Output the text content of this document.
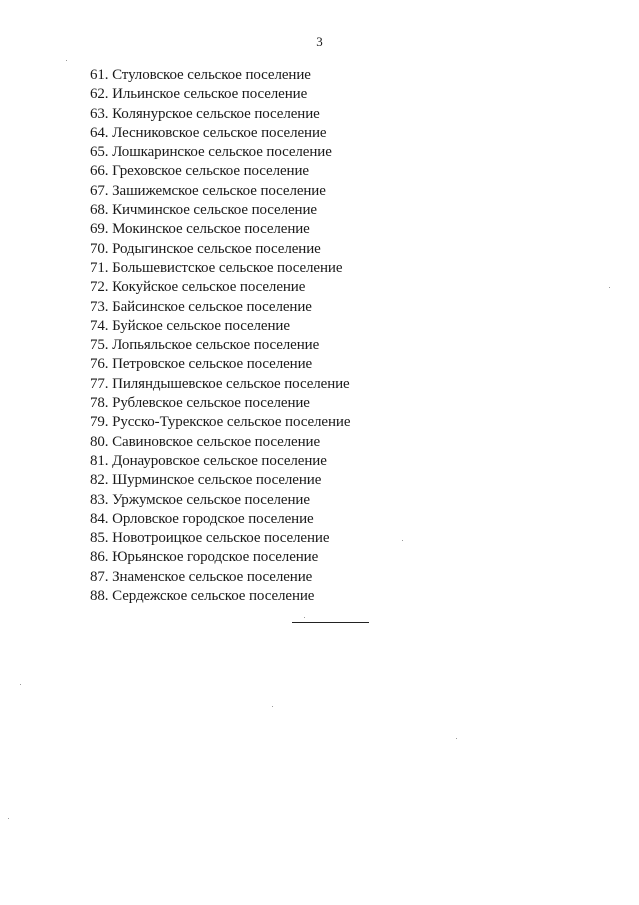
3
61. Стуловское сельское поселение
62. Ильинское сельское поселение
63. Колянурское сельское поселение
64. Лесниковское сельское поселение
65. Лошкаринское сельское поселение
66. Греховское сельское поселение
67. Зашижемское сельское поселение
68. Кичминское сельское поселение
69. Мокинское сельское поселение
70. Родыгинское сельское поселение
71. Большевистское сельское поселение
72. Кокуйское сельское поселение
73. Байсинское сельское поселение
74. Буйское сельское поселение
75. Лопьяльское сельское поселение
76. Петровское сельское поселение
77. Пиляндышевское сельское поселение
78. Рублевское сельское поселение
79. Русско-Турекское сельское поселение
80. Савиновское сельское поселение
81. Донауровское сельское поселение
82. Шурминское сельское поселение
83. Уржумское сельское поселение
84. Орловское городское поселение
85. Новотроицкое сельское поселение
86. Юрьянское городское поселение
87. Знаменское сельское поселение
88. Сердежское сельское поселение
